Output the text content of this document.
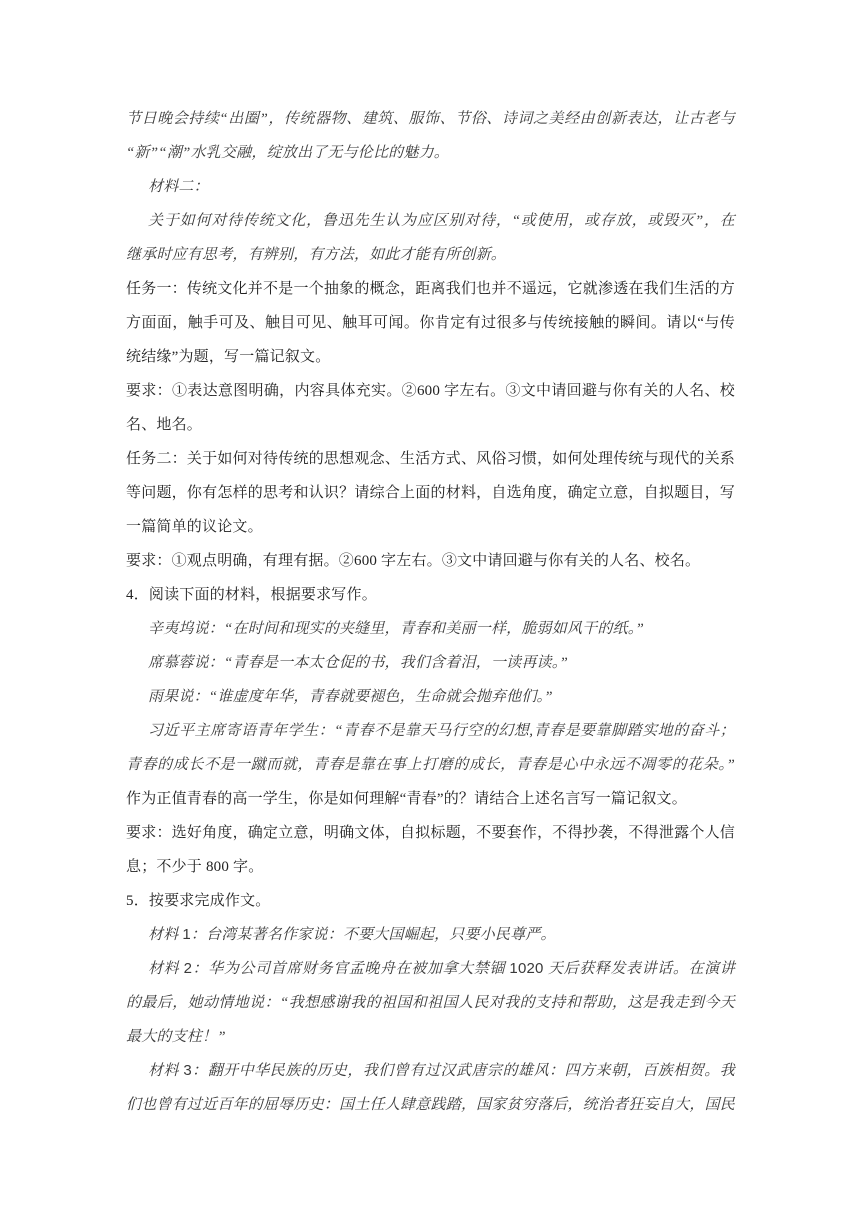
节日晚会持续“出圈”，传统器物、建筑、服饰、节俗、诗词之美经由创新表达，让古老与
“新”“潮”水乳交融，绽放出了无与伦比的魅力。
材料二：
关于如何对待传统文化，鲁迅先生认为应区别对待，“或使用，或存放，或毁灭”，在
继承时应有思考，有辨别，有方法，如此才能有所创新。
任务一：传统文化并不是一个抽象的概念，距离我们也并不遥远，它就渗透在我们生活的方
方面面，触手可及、触目可见、触耳可闻。你肯定有过很多与传统接触的瞬间。请以“与传
统结缘”为题，写一篇记叙文。
要求：①表达意图明确，内容具体充实。②600 字左右。③文中请回避与你有关的人名、校
名、地名。
任务二：关于如何对待传统的思想观念、生活方式、风俗习惯，如何处理传统与现代的关系
等问题，你有怎样的思考和认识？请综合上面的材料，自选角度，确定立意，自拟题目，写
一篇简单的议论文。
要求：①观点明确，有理有据。②600 字左右。③文中请回避与你有关的人名、校名。
4．阅读下面的材料，根据要求写作。
辛夷坞说：“在时间和现实的夹缝里，青春和美丽一样，脆弱如风干的纸。”
席慕蓉说：“青春是一本太仓促的书，我们含着泪，一读再读。”
雨果说：“谁虚度年华，青春就要褪色，生命就会抛弃他们。”
习近平主席寄语青年学生：“青春不是靠天马行空的幻想,青春是要靠脚踏实地的奋斗；
青春的成长不是一蹴而就，青春是靠在事上打磨的成长，青春是心中永远不凋零的花朵。”
作为正值青春的高一学生，你是如何理解“青春”的？请结合上述名言写一篇记叙文。
要求：选好角度，确定立意，明确文体，自拟标题，不要套作，不得抄袭，不得泄露个人信
息；不少于 800 字。
5．按要求完成作文。
材料 1：台湾某著名作家说：不要大国崛起，只要小民尊严。
材料 2：华为公司首席财务官孟晚舟在被加拿大禁锢 1020 天后获释发表讲话。在演讲
的最后，她动情地说：“我想感谢我的祖国和祖国人民对我的支持和帮助，这是我走到今天
最大的支柱！”
材料 3：翻开中华民族的历史，我们曾有过汉武唐宗的雄风：四方来朝，百族相贺。我
们也曾有过近百年的屈辱历史：国土任人肆意践踏，国家贫穷落后，统治者狂妄自大，国民
